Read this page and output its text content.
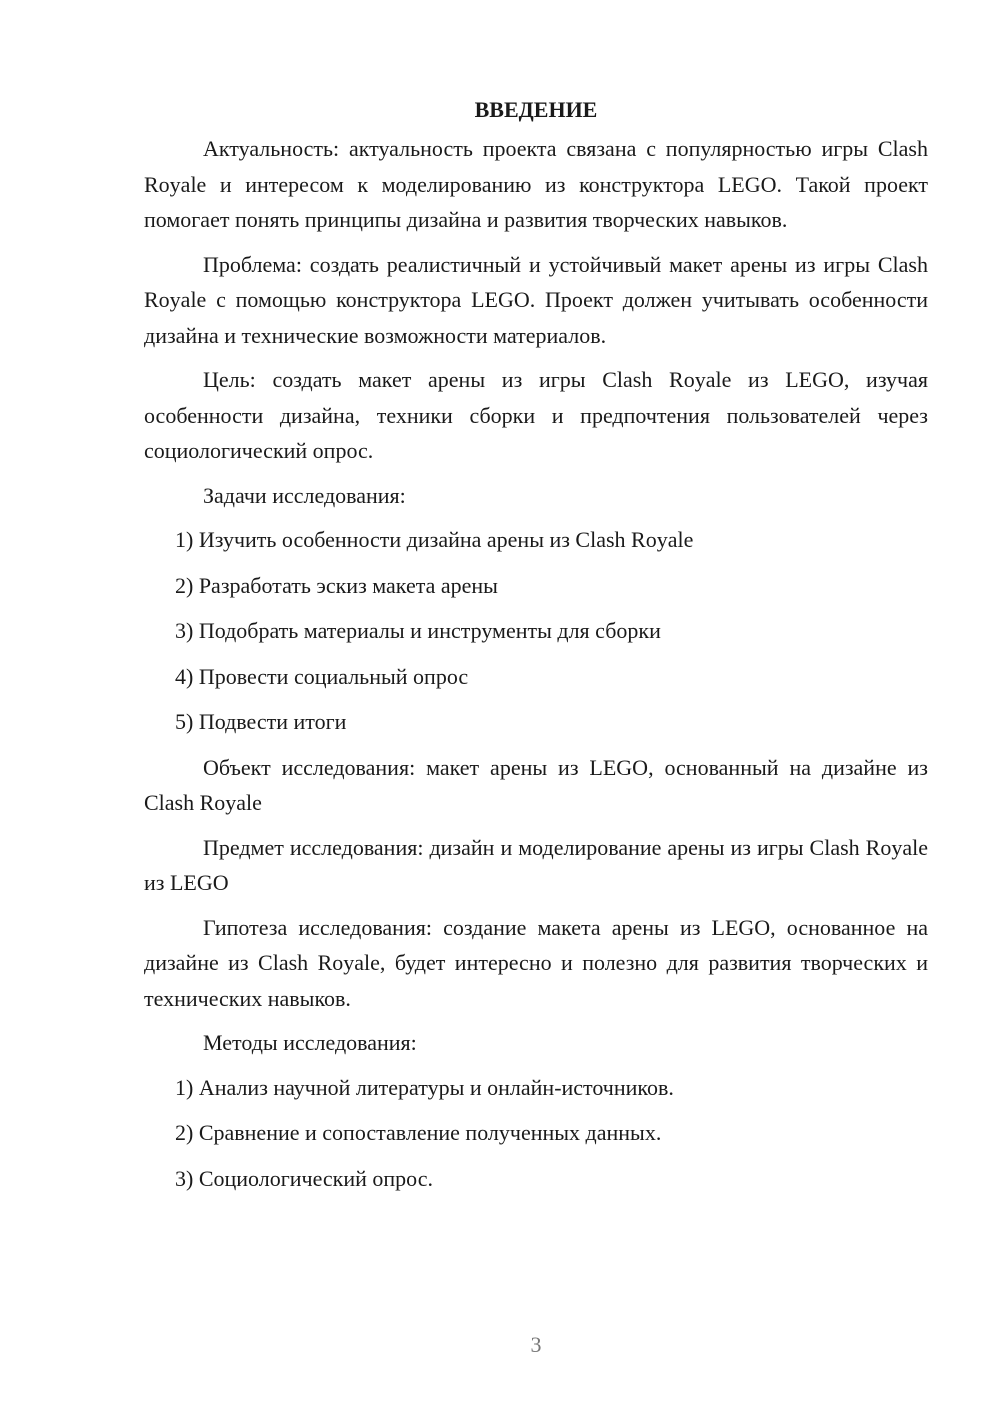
ВВЕДЕНИЕ

Актуальность: актуальность проекта связана с популярностью игры Clash Royale и интересом к моделированию из конструктора LEGO. Такой проект помогает понять принципы дизайна и развития творческих навыков.

Проблема: создать реалистичный и устойчивый макет арены из игры Clash Royale с помощью конструктора LEGO. Проект должен учитывать особенности дизайна и технические возможности материалов.

Цель: создать макет арены из игры Clash Royale из LEGO, изучая особенности дизайна, техники сборки и предпочтения пользователей через социологический опрос.

Задачи исследования:

1) Изучить особенности дизайна арены из Clash Royale

2) Разработать эскиз макета арены

3) Подобрать материалы и инструменты для сборки

4) Провести социальный опрос

5) Подвести итоги

Объект исследования: макет арены из LEGO, основанный на дизайне из Clash Royale

Предмет исследования: дизайн и моделирование арены из игры Clash Royale из LEGO

Гипотеза исследования: создание макета арены из LEGO, основанное на дизайне из Clash Royale, будет интересно и полезно для развития творческих и технических навыков.

Методы исследования:

1) Анализ научной литературы и онлайн-источников.

2) Сравнение и сопоставление полученных данных.

3) Социологический опрос.

3
